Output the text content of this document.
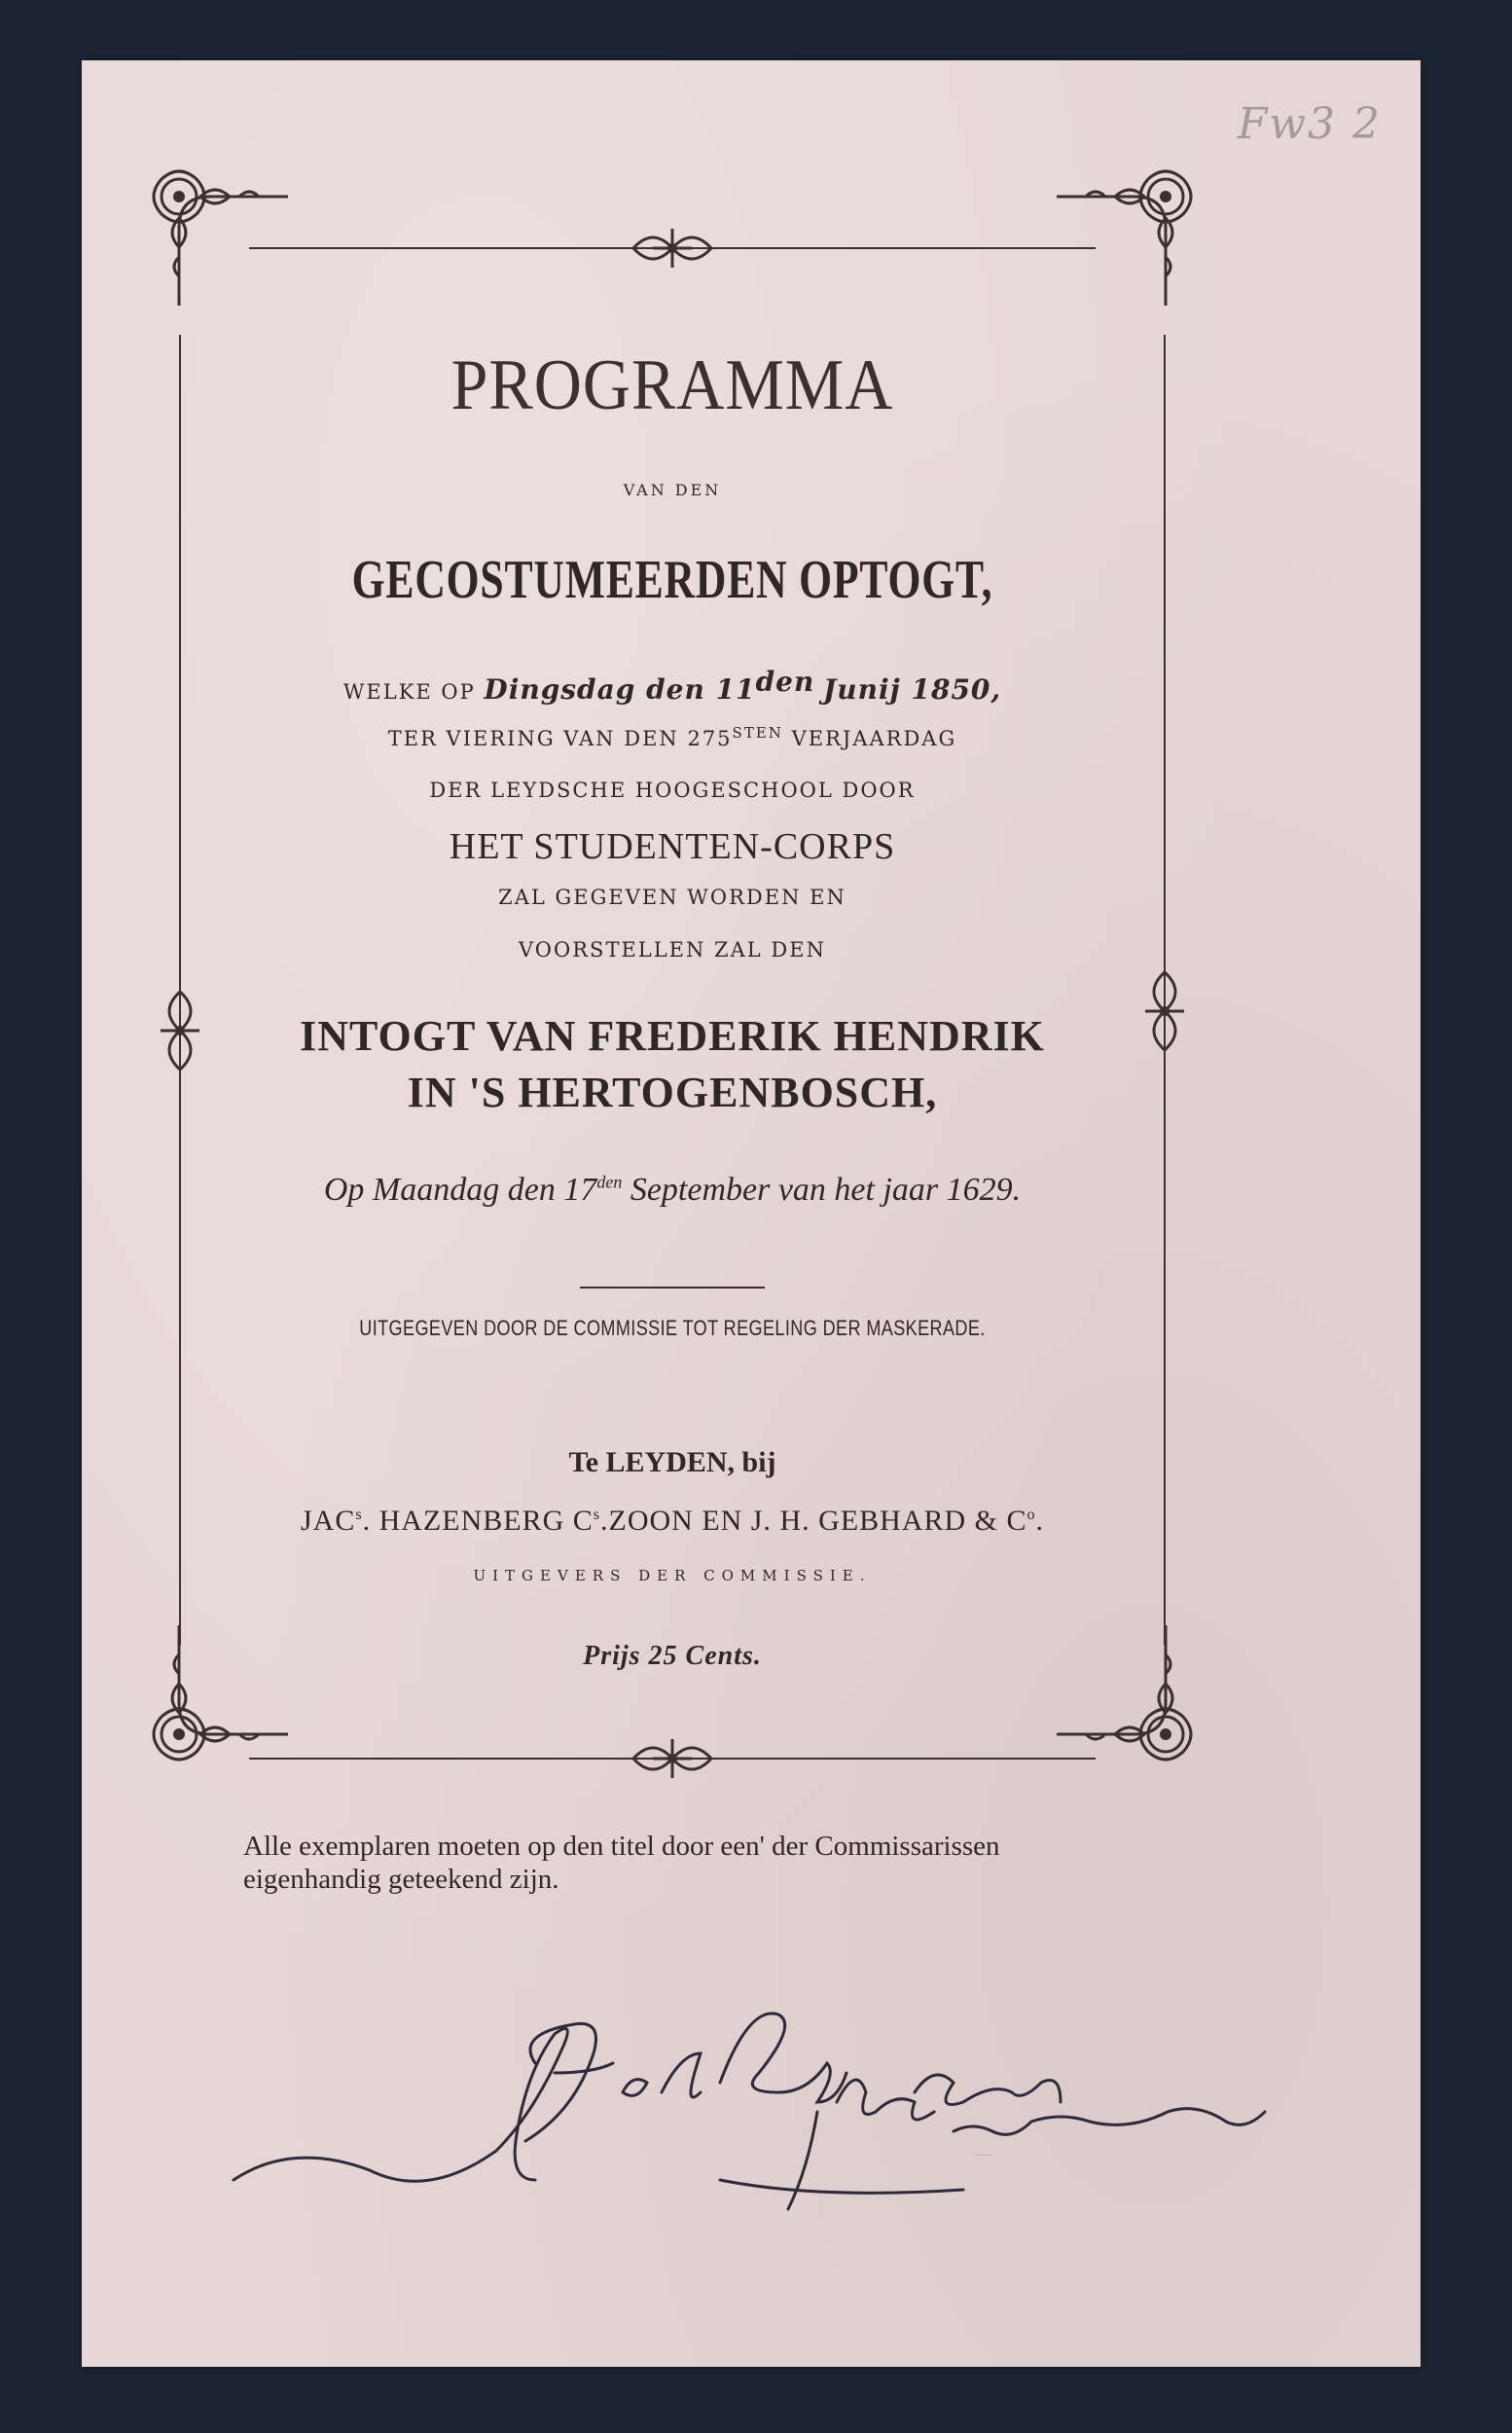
Fw3 2
PROGRAMMA
VAN DEN
GECOSTUMEERDEN OPTOGT,
WELKE OP Dingsdag den $11^{den}$ Junij 1850,
TER VIERING VAN DEN $275^{STEN}$ VERJAARDAG
DER LEYDSCHE HOOGESCHOOL DOOR
HET STUDENTEN-CORPS
ZAL GEGEVEN WORDEN EN
VOORSTELLEN ZAL DEN
INTOGT VAN FREDERIK HENDRIK
IN 'S HERTOGENBOSCH,
Op Maandag den $17^{den}$ September van het jaar 1629.
UITGEGEVEN DOOR DE COMMISSIE TOT REGELING DER MASKERADE.
Te LEYDEN, bij
JAC$^s$. HAZENBERG $C^s.ZOON$ EN J. H. GEBHARD & $C^o$.
UITGEVERS DER COMMISSIE.
Prijs 25 Cents.
Alle exemplaren moeten op den titel door een' der Commissarissen
eigenhandig geteekend zijn.
J.H. de Roppelaar, Commiss. secretaris
